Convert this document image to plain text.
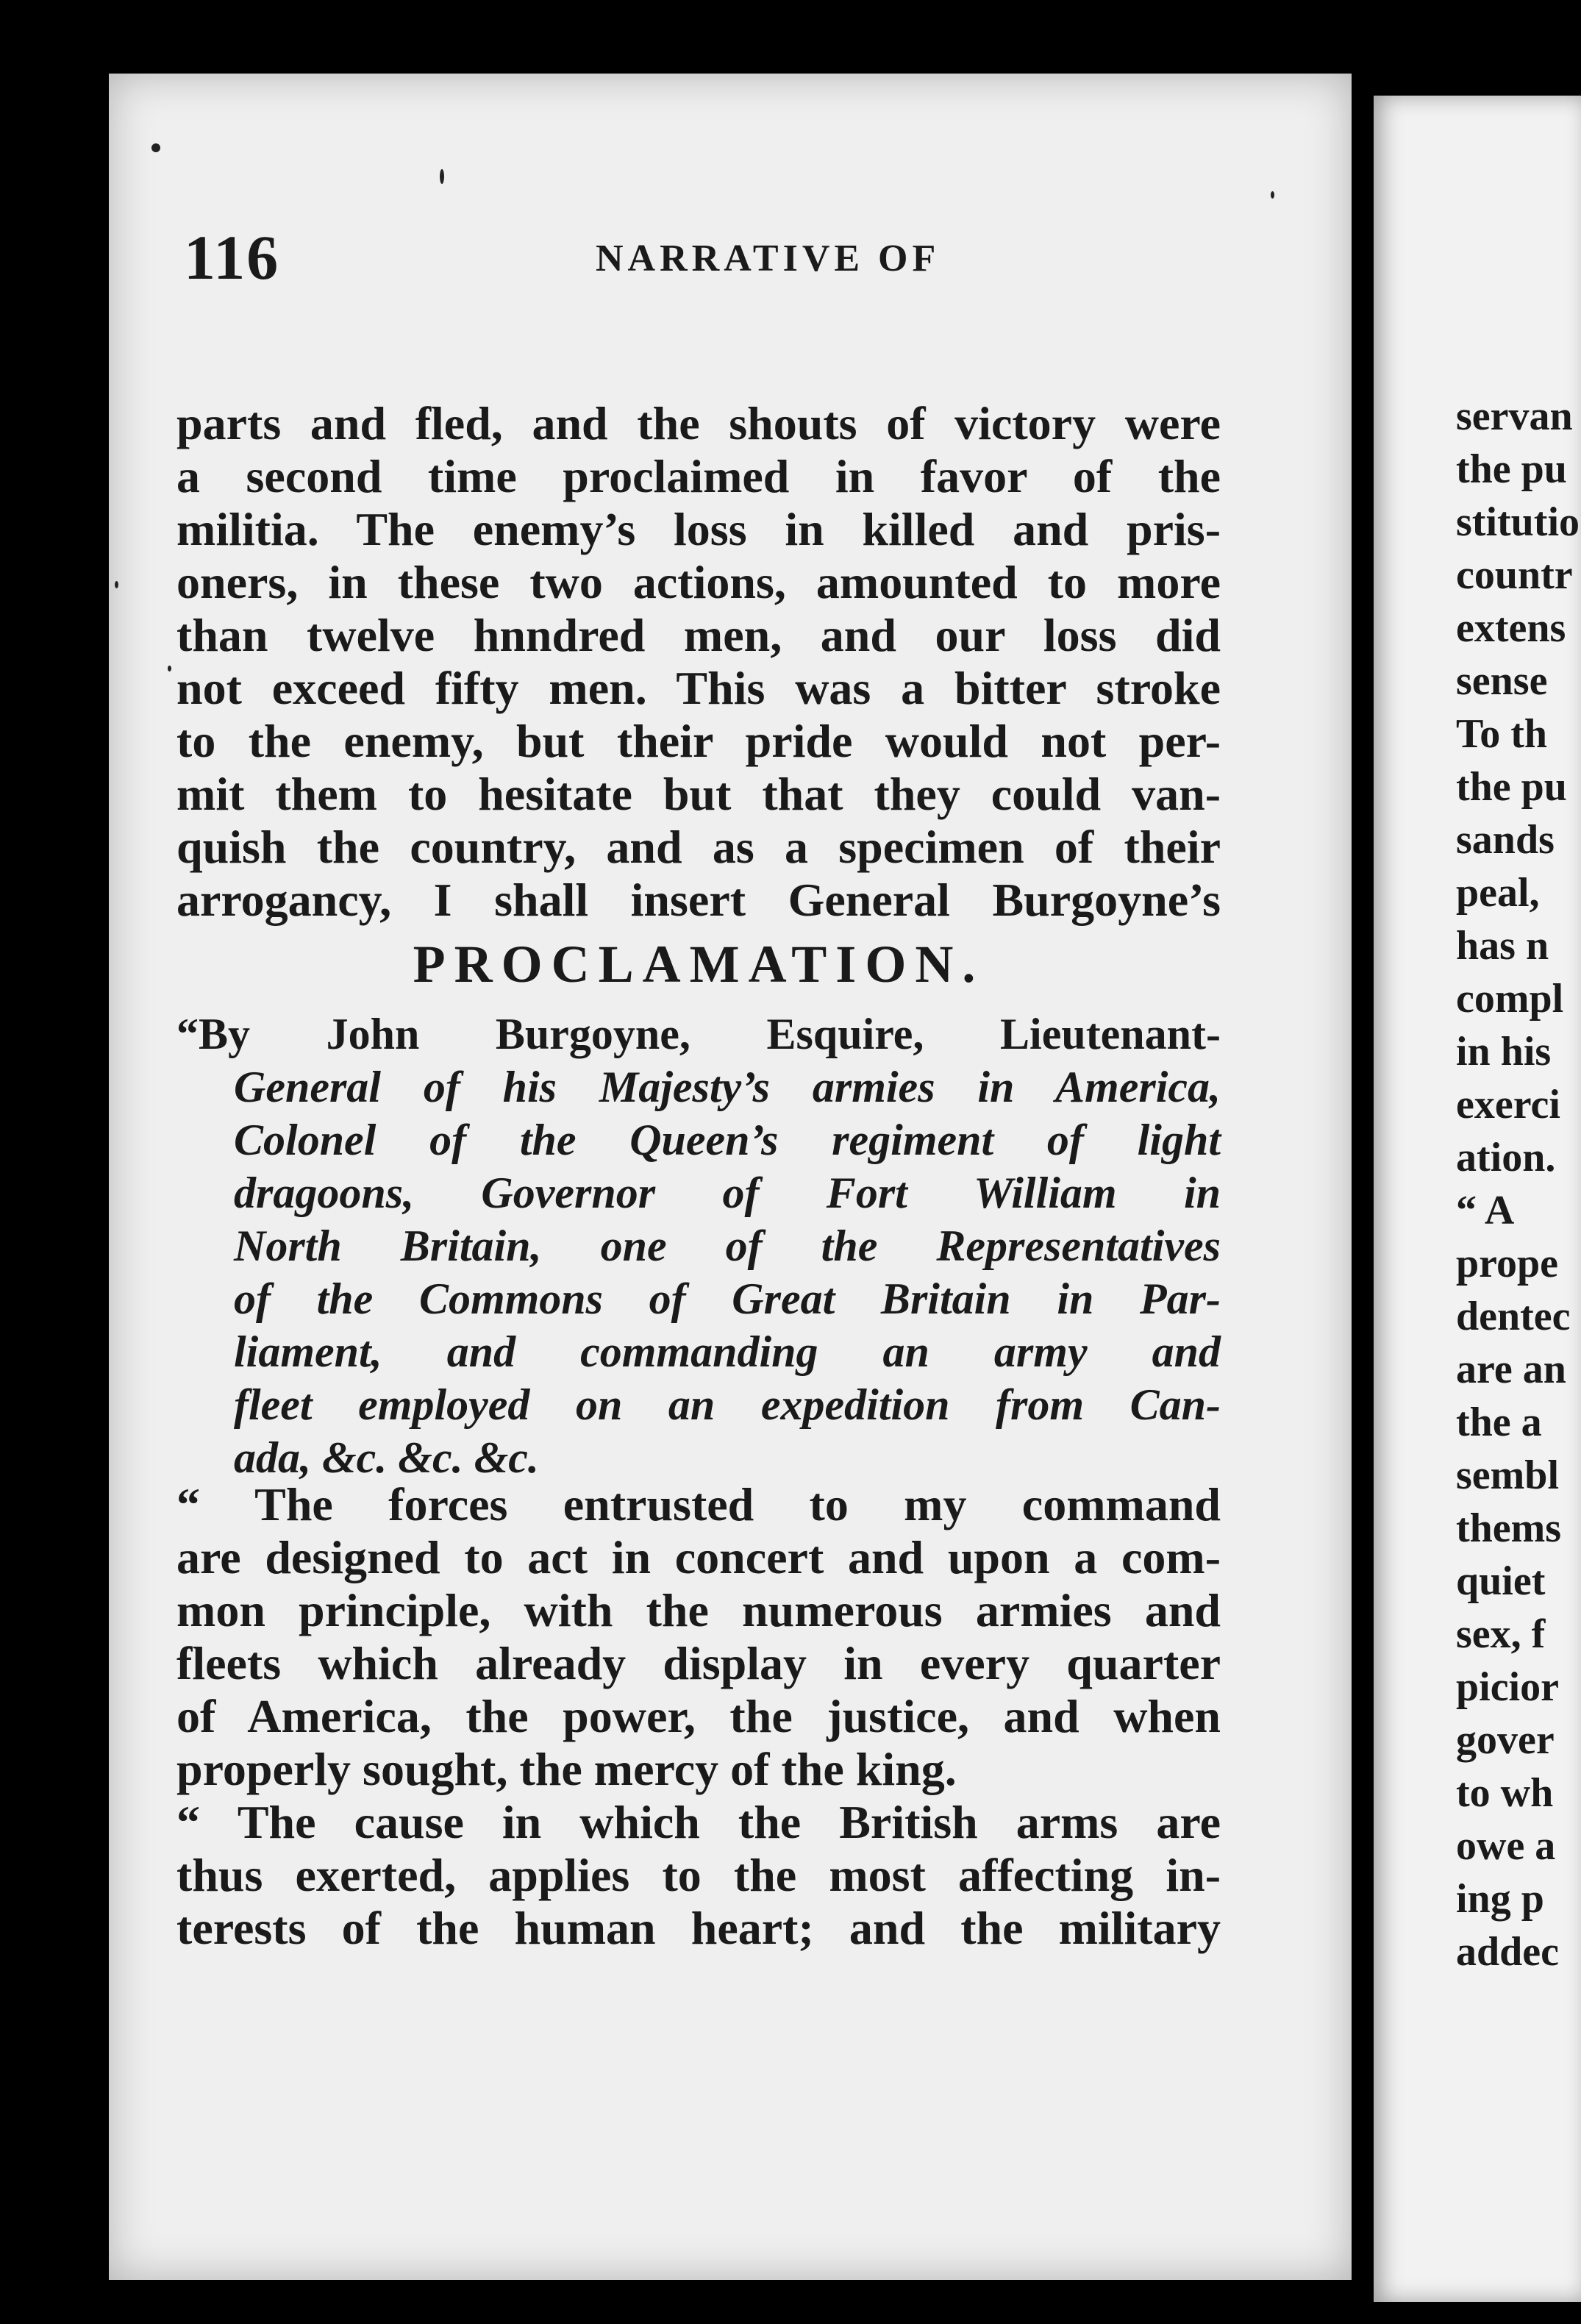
servan
the pu
stitutio
countr
extens
sense
To th
the pu
sands
peal,
has n
compl
in his
exerci
ation.
“ A
prope
dentec
are an
the a
sembl
thems
quiet
sex, f
picior
gover
to wh
owe a
ing p
addec
116	NARRATIVE OF
parts and fled, and the shouts of victory were
a second time proclaimed in favor of the
militia. The enemy’s loss in killed and pris-
oners, in these two actions, amounted to more
than twelve hnndred men, and our loss did
not exceed fifty men. This was a bitter stroke
to the enemy, but their pride would not per-
mit them to hesitate but that they could van-
quish the country, and as a specimen of their
arrogancy, I shall insert General Burgoyne’s
PROCLAMATION.
“By John Burgoyne, Esquire, Lieutenant-
General of his Majesty’s armies in America,
Colonel of the Queen’s regiment of light
dragoons, Governor of Fort William in
North Britain, one of the Representatives
of the Commons of Great Britain in Par-
liament, and commanding an army and
fleet employed on an expedition from Can-
ada, &c. &c. &c.
“ The forces entrusted to my command
are designed to act in concert and upon a com-
mon principle, with the numerous armies and
fleets which already display in every quarter
of America, the power, the justice, and when
properly sought, the mercy of the king.
“ The cause in which the British arms are
thus exerted, applies to the most affecting in-
terests of the human heart; and the military
